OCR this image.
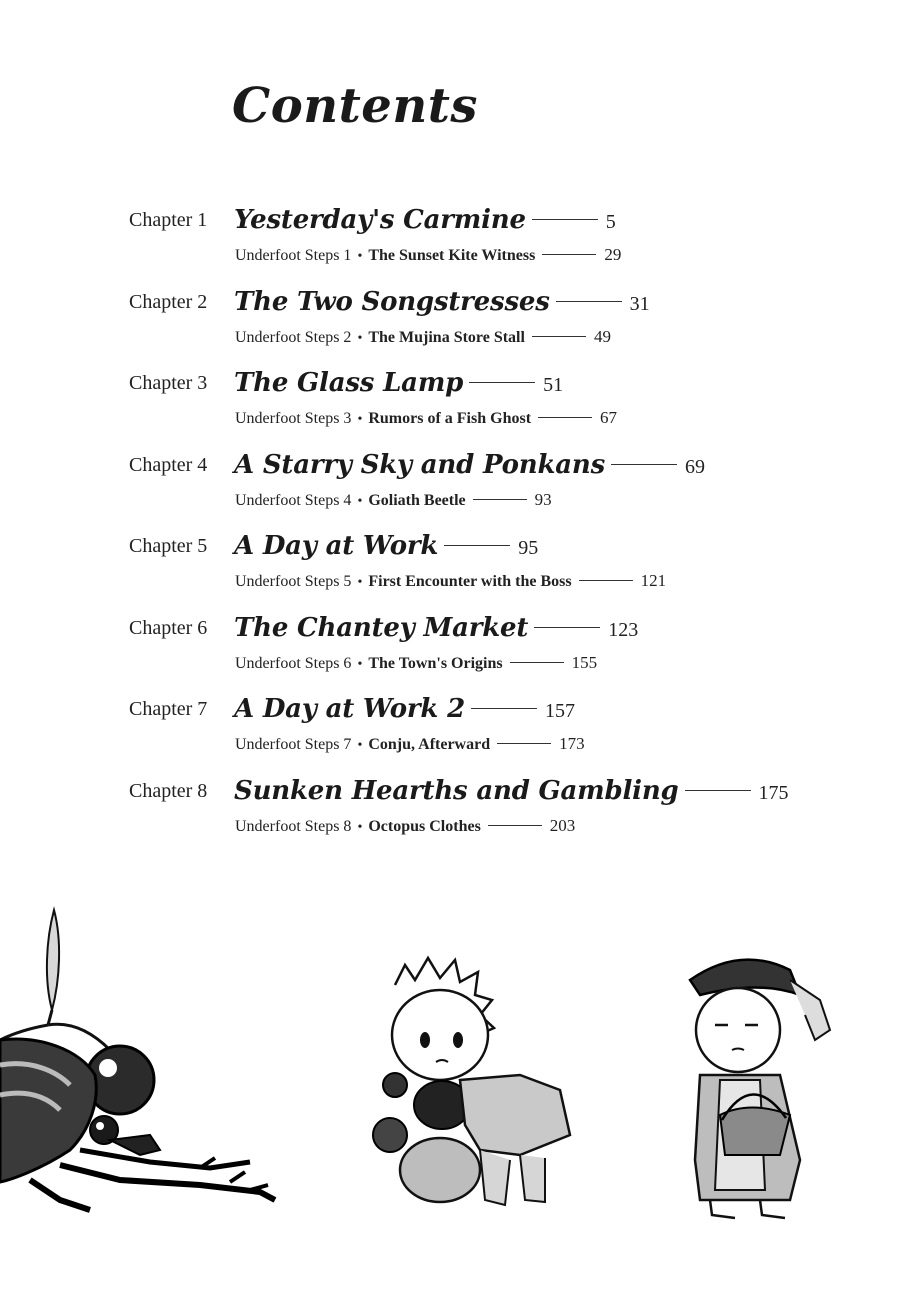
Contents
Chapter 1 Yesterday's Carmine	5
Underfoot Steps 1 • The Sunset Kite Witness	29
Chapter 2 The Two Songstresses	31
Underfoot Steps 2 • The Mujina Store Stall	49
Chapter 3 The Glass Lamp	51
Underfoot Steps 3 • Rumors of a Fish Ghost	67
Chapter 4 A Starry Sky and Ponkans	69
Underfoot Steps 4 • Goliath Beetle	93
Chapter 5 A Day at Work	95
Underfoot Steps 5 • First Encounter with the Boss	121
Chapter 6 The Chantey Market	123
Underfoot Steps 6 • The Town's Origins	155
Chapter 7 A Day at Work 2	157
Underfoot Steps 7 • Conju, Afterward	173
Chapter 8 Sunken Hearths and Gambling	175
Underfoot Steps 8 • Octopus Clothes	203
